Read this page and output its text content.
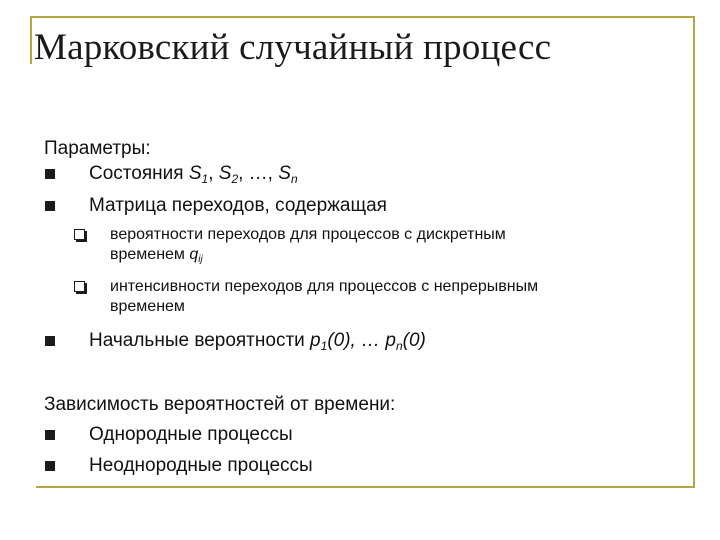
Марковский случайный процесс
Параметры:
Состояния $S_1$, $S_2$, …, $S_n$
Матрица переходов, содержащая
вероятности переходов для процессов с дискретным
временем $q_{ij}$
интенсивности переходов для процессов с непрерывным
временем
Начальные вероятности $p_1(0)$, … $p_n(0)$
Зависимость вероятностей от времени:
Однородные процессы
Неоднородные процессы
